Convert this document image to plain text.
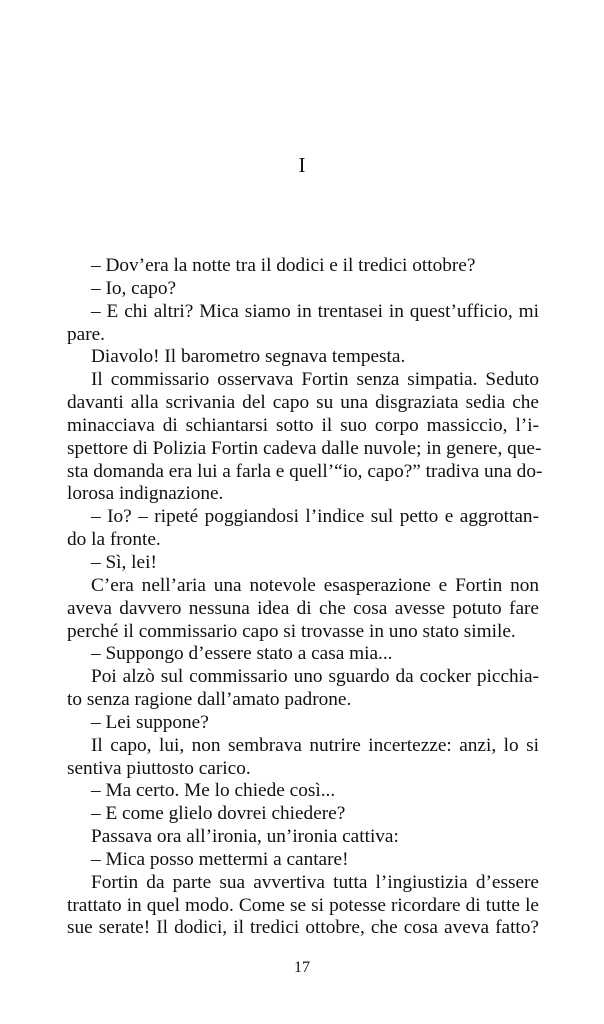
I
– Dov’era la notte tra il dodici e il tredici ottobre?
– Io, capo?
– E chi altri? Mica siamo in trentasei in quest’ufficio, mi
pare.
Diavolo! Il barometro segnava tempesta.
Il commissario osservava Fortin senza simpatia. Seduto
davanti alla scrivania del capo su una disgraziata sedia che
minacciava di schiantarsi sotto il suo corpo massiccio, l’i-
spettore di Polizia Fortin cadeva dalle nuvole; in genere, que-
sta domanda era lui a farla e quell’“io, capo?” tradiva una do-
lorosa indignazione.
– Io? – ripeté poggiandosi l’indice sul petto e aggrottan-
do la fronte.
– Sì, lei!
C’era nell’aria una notevole esasperazione e Fortin non
aveva davvero nessuna idea di che cosa avesse potuto fare
perché il commissario capo si trovasse in uno stato simile.
– Suppongo d’essere stato a casa mia...
Poi alzò sul commissario uno sguardo da cocker picchia-
to senza ragione dall’amato padrone.
– Lei suppone?
Il capo, lui, non sembrava nutrire incertezze: anzi, lo si
sentiva piuttosto carico.
– Ma certo. Me lo chiede così...
– E come glielo dovrei chiedere?
Passava ora all’ironia, un’ironia cattiva:
– Mica posso mettermi a cantare!
Fortin da parte sua avvertiva tutta l’ingiustizia d’essere
trattato in quel modo. Come se si potesse ricordare di tutte le
sue serate! Il dodici, il tredici ottobre, che cosa aveva fatto?
17
